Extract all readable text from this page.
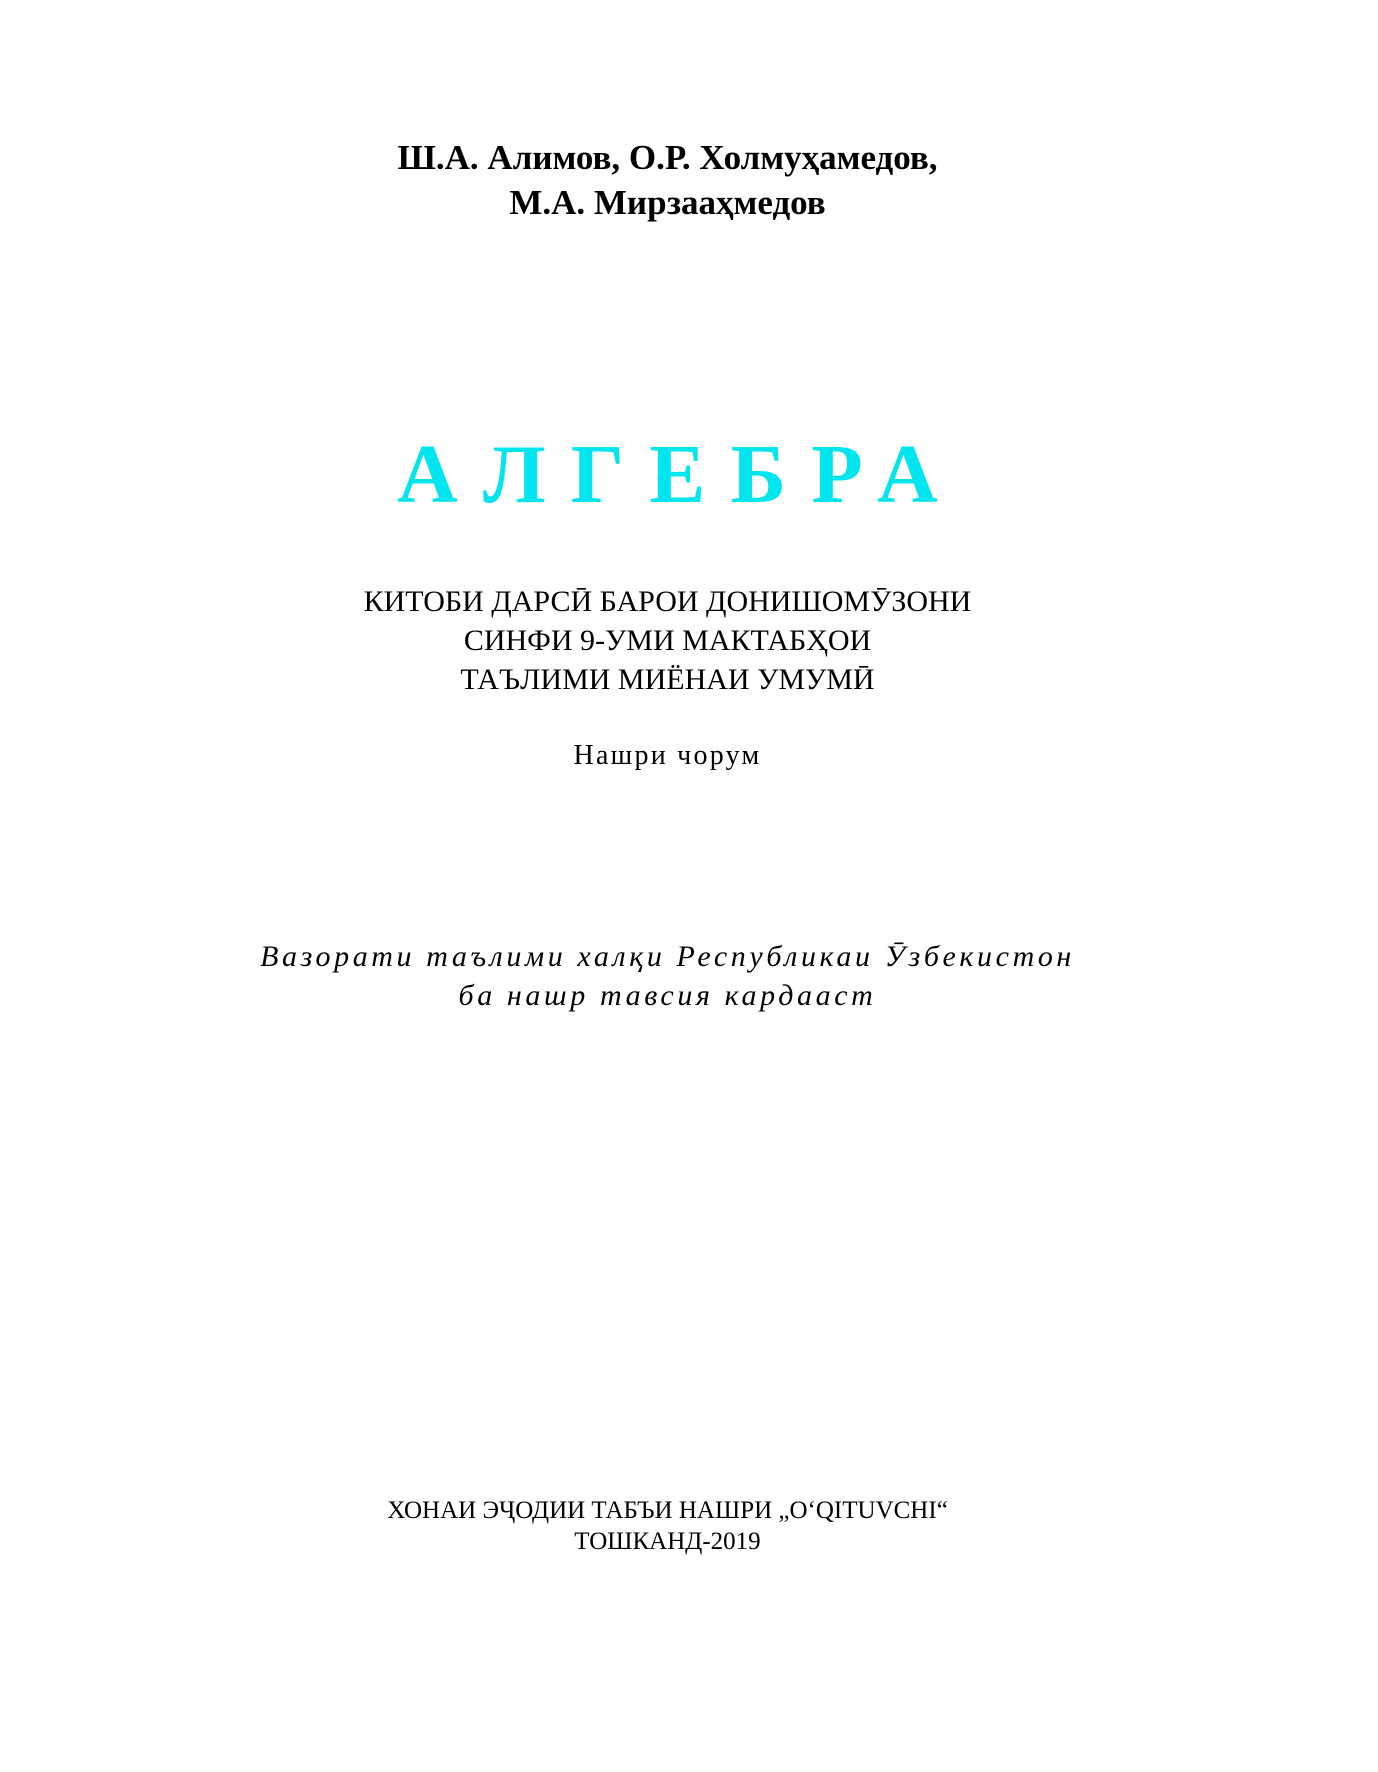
Ш.А. Алимов, О.Р. Холмуҳамедов,
М.А. Мирзааҳмедов
АЛГЕБРА
КИТОБИ ДАРСӢ БАРОИ ДОНИШОМӮЗОНИ
СИНФИ 9-УМИ МАКТАБҲОИ
ТАЪЛИМИ МИЁНАИ УМУМӢ
Нашри чорум
Вазорати таълими халқи Республикаи Ӯзбекистон
ба нашр тавсия кардааст
ХОНАИ ЭҶОДИИ ТАБЪИ НАШРИ „O‘QITUVCHI“
ТОШКАНД-2019
